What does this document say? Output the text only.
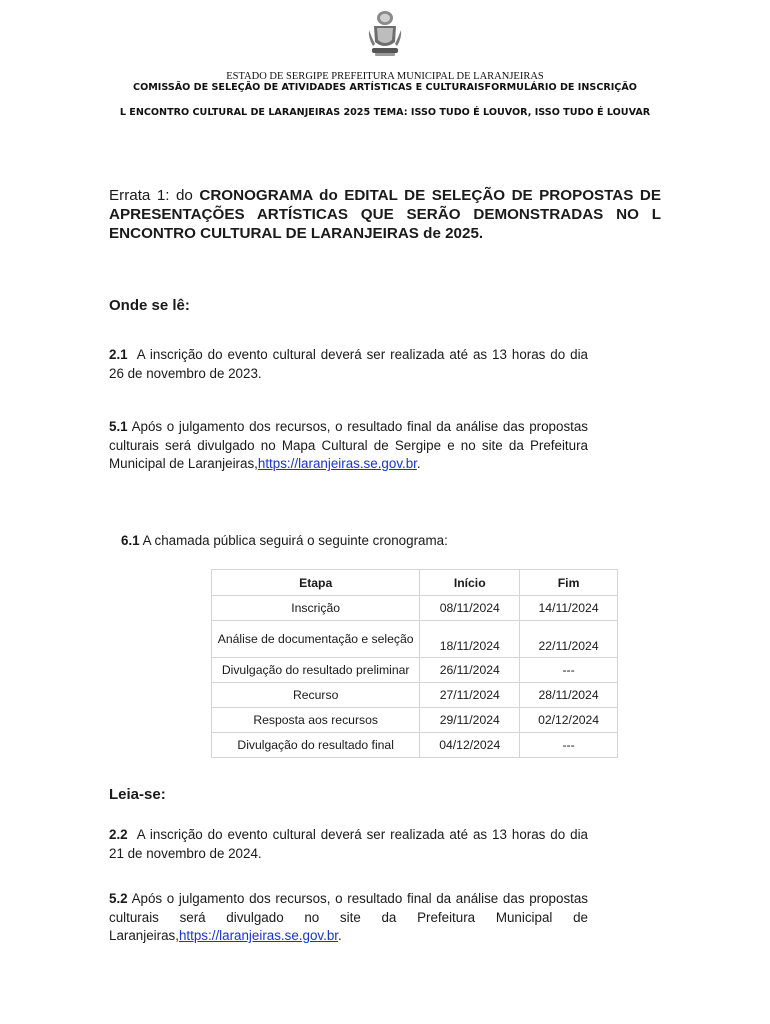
ESTADO DE SERGIPE PREFEITURA MUNICIPAL DE LARANJEIRAS
COMISSÃO DE SELEÇÃO DE ATIVIDADES ARTÍSTICAS E CULTURAISFORMULÁRIO DE INSCRIÇÃO
L ENCONTRO CULTURAL DE LARANJEIRAS 2025 TEMA: ISSO TUDO É LOUVOR, ISSO TUDO É LOUVAR
Errata 1: do CRONOGRAMA do EDITAL DE SELEÇÃO DE PROPOSTAS DE APRESENTAÇÕES ARTÍSTICAS QUE SERÃO DEMONSTRADAS NO L ENCONTRO CULTURAL DE LARANJEIRAS de 2025.
Onde se lê:
2.1 A inscrição do evento cultural deverá ser realizada até as 13 horas do dia 26 de novembro de 2023.
5.1 Após o julgamento dos recursos, o resultado final da análise das propostas culturais será divulgado no Mapa Cultural de Sergipe e no site da Prefeitura Municipal de Laranjeiras,https://laranjeiras.se.gov.br.
6.1 A chamada pública seguirá o seguinte cronograma:
Etapa	Início	Fim
Inscrição	08/11/2024	14/11/2024
Análise de documentação e seleção	18/11/2024	22/11/2024
Divulgação do resultado preliminar	26/11/2024	---
Recurso	27/11/2024	28/11/2024
Resposta aos recursos	29/11/2024	02/12/2024
Divulgação do resultado final	04/12/2024	---
Leia-se:
2.2 A inscrição do evento cultural deverá ser realizada até as 13 horas do dia 21 de novembro de 2024.
5.2 Após o julgamento dos recursos, o resultado final da análise das propostas culturais será divulgado no site da Prefeitura Municipal de Laranjeiras,https://laranjeiras.se.gov.br.
